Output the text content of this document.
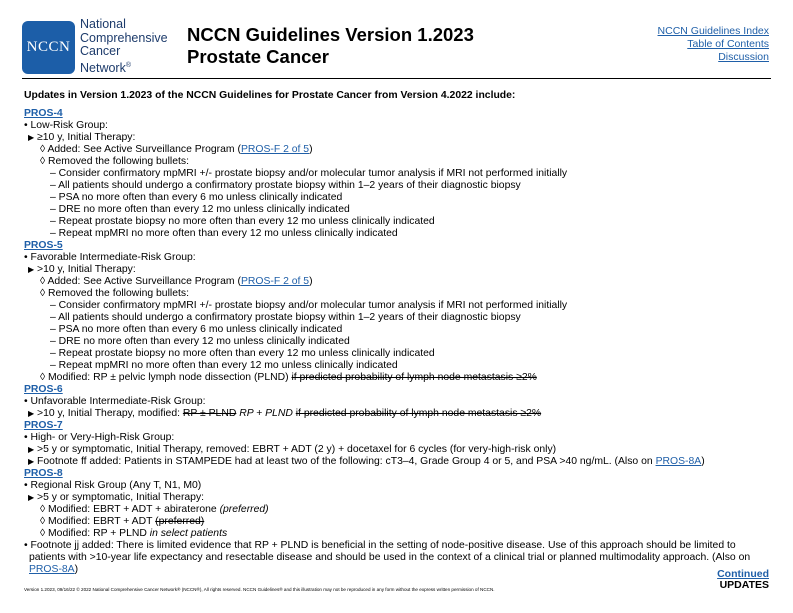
NCCN
National
Comprehensive
Cancer
Network®
NCCN Guidelines Version 1.2023
Prostate Cancer
NCCN Guidelines Index
Table of Contents
Discussion
Updates in Version 1.2023 of the NCCN Guidelines for Prostate Cancer from Version 4.2022 include:
PROS-4
• Low-Risk Group:
▶ ≥10 y, Initial Therapy:
◊ Added: See Active Surveillance Program (PROS-F 2 of 5)
◊ Removed the following bullets:
– Consider confirmatory mpMRI +/- prostate biopsy and/or molecular tumor analysis if MRI not performed initially
– All patients should undergo a confirmatory prostate biopsy within 1–2 years of their diagnostic biopsy
– PSA no more often than every 6 mo unless clinically indicated
– DRE no more often than every 12 mo unless clinically indicated
– Repeat prostate biopsy no more often than every 12 mo unless clinically indicated
– Repeat mpMRI no more often than every 12 mo unless clinically indicated
PROS-5
• Favorable Intermediate-Risk Group:
▶ >10 y, Initial Therapy:
◊ Added: See Active Surveillance Program (PROS-F 2 of 5)
◊ Removed the following bullets:
– Consider confirmatory mpMRI +/- prostate biopsy and/or molecular tumor analysis if MRI not performed initially
– All patients should undergo a confirmatory prostate biopsy within 1–2 years of their diagnostic biopsy
– PSA no more often than every 6 mo unless clinically indicated
– DRE no more often than every 12 mo unless clinically indicated
– Repeat prostate biopsy no more often than every 12 mo unless clinically indicated
– Repeat mpMRI no more often than every 12 mo unless clinically indicated
◊ Modified: RP ± pelvic lymph node dissection (PLND) if predicted probability of lymph node metastasis ≥2%
PROS-6
• Unfavorable Intermediate-Risk Group:
▶ >10 y, Initial Therapy, modified: RP ± PLND RP + PLND if predicted probability of lymph node metastasis ≥2%
PROS-7
• High- or Very-High-Risk Group:
▶ >5 y or symptomatic, Initial Therapy, removed: EBRT + ADT (2 y) + docetaxel for 6 cycles (for very-high-risk only)
▶ Footnote ff added: Patients in STAMPEDE had at least two of the following: cT3–4, Grade Group 4 or 5, and PSA >40 ng/mL. (Also on PROS-8A)
PROS-8
• Regional Risk Group (Any T, N1, M0)
▶ >5 y or symptomatic, Initial Therapy:
◊ Modified: EBRT + ADT + abiraterone (preferred)
◊ Modified: EBRT + ADT (preferred)
◊ Modified: RP + PLND in select patients
• Footnote jj added: There is limited evidence that RP + PLND is beneficial in the setting of node-positive disease. Use of this approach should be limited to patients with >10-year life expectancy and resectable disease and should be used in the context of a clinical trial or planned multimodality approach. (Also on PROS-8A)
Version 1.2023, 09/16/22 © 2022 National Comprehensive Cancer Network® (NCCN®), All rights reserved. NCCN Guidelines® and this illustration may not be reproduced in any form without the express written permission of NCCN.
Continued
UPDATES
